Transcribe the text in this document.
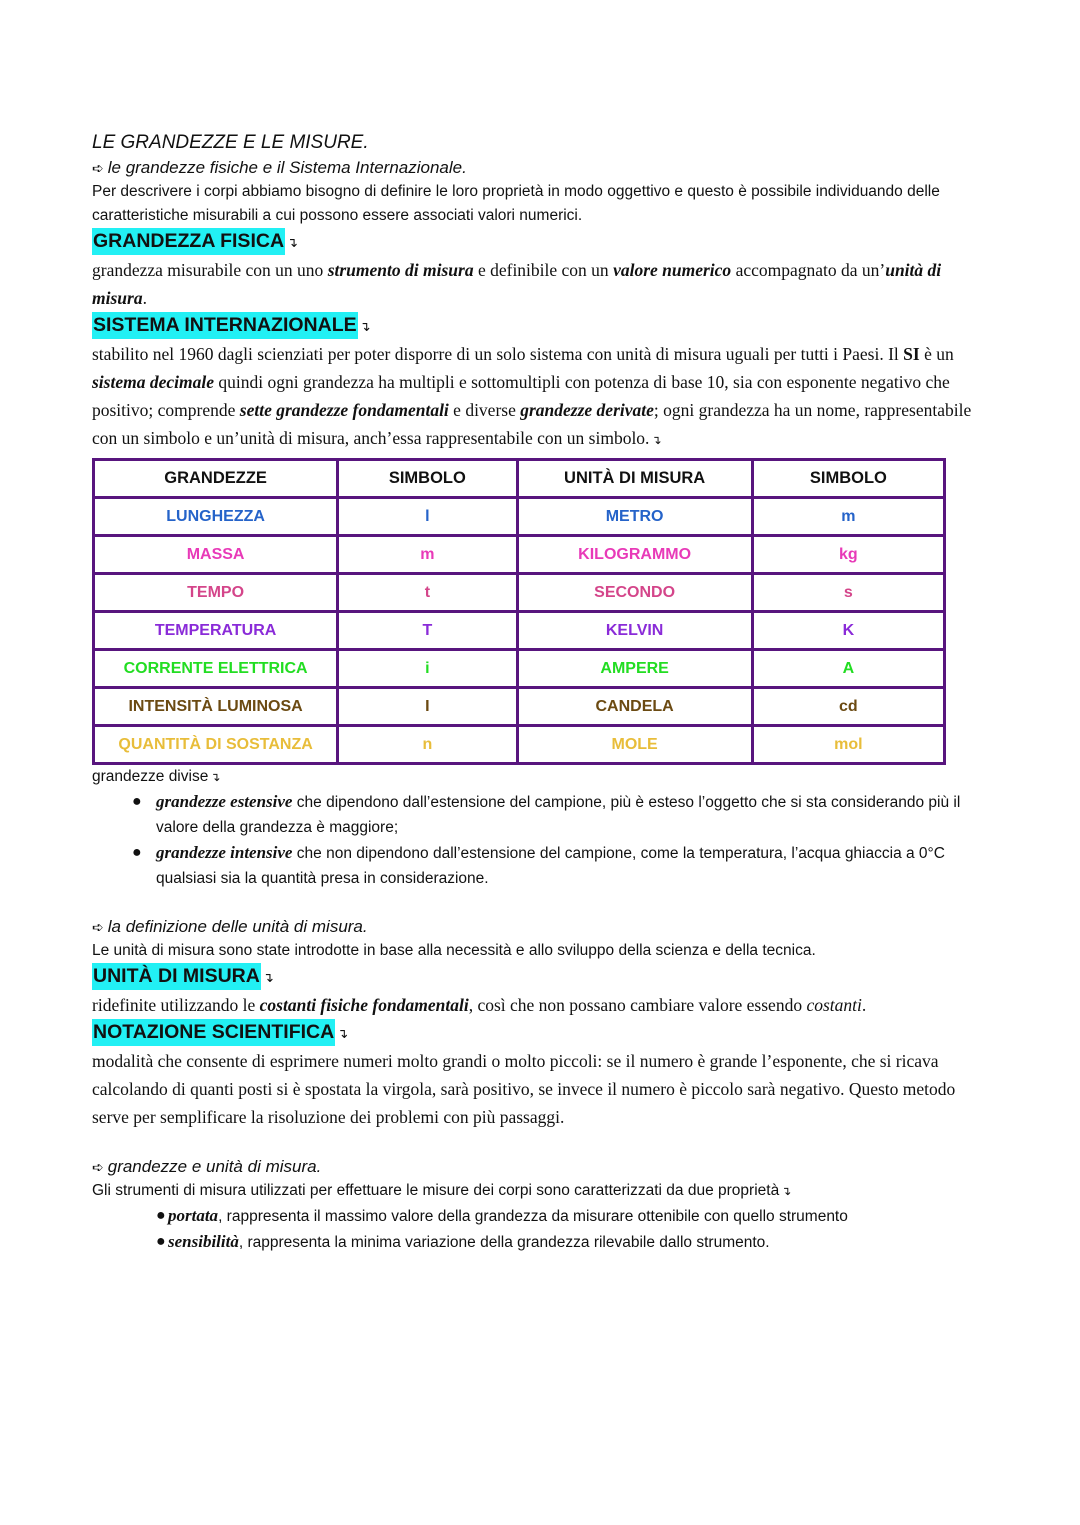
LE GRANDEZZE E LE MISURE.

➪ le grandezze fisiche e il Sistema Internazionale.

Per descrivere i corpi abbiamo bisogno di definire le loro proprietà in modo oggettivo e questo è possibile individuando delle caratteristiche misurabili a cui possono essere associati valori numerici.

GRANDEZZA FISICA ↴

grandezza misurabile con un uno strumento di misura e definibile con un valore numerico accompagnato da un’unità di misura.

SISTEMA INTERNAZIONALE ↴

stabilito nel 1960 dagli scienziati per poter disporre di un solo sistema con unità di misura uguali per tutti i Paesi. Il SI è un sistema decimale quindi ogni grandezza ha multipli e sottomultipli con potenza di base 10, sia con esponente negativo che positivo; comprende sette grandezze fondamentali e diverse grandezze derivate; ogni grandezza ha un nome, rappresentabile con un simbolo e un’unità di misura, anch’essa rappresentabile con un simbolo. ↴

GRANDEZZE	SIMBOLO	UNITÀ DI MISURA	SIMBOLO
LUNGHEZZA	l	METRO	m
MASSA	m	KILOGRAMMO	kg
TEMPO	t	SECONDO	s
TEMPERATURA	T	KELVIN	K
CORRENTE ELETTRICA	i	AMPERE	A
INTENSITÀ LUMINOSA	I	CANDELA	cd
QUANTITÀ DI SOSTANZA	n	MOLE	mol

grandezze divise ↴

● grandezze estensive che dipendono dall’estensione del campione, più è esteso l’oggetto che si sta considerando più il valore della grandezza è maggiore;
● grandezze intensive che non dipendono dall’estensione del campione, come la temperatura, l’acqua ghiaccia a 0°C qualsiasi sia la quantità presa in considerazione.

➪ la definizione delle unità di misura.

Le unità di misura sono state introdotte in base alla necessità e allo sviluppo della scienza e della tecnica.

UNITÀ DI MISURA ↴

ridefinite utilizzando le costanti fisiche fondamentali, così che non possano cambiare valore essendo costanti.

NOTAZIONE SCIENTIFICA ↴

modalità che consente di esprimere numeri molto grandi o molto piccoli: se il numero è grande l’esponente, che si ricava calcolando di quanti posti si è spostata la virgola, sarà positivo, se invece il numero è piccolo sarà negativo. Questo metodo serve per semplificare la risoluzione dei problemi con più passaggi.

➪ grandezze e unità di misura.

Gli strumenti di misura utilizzati per effettuare le misure dei corpi sono caratterizzati da due proprietà ↴

● portata, rappresenta il massimo valore della grandezza da misurare ottenibile con quello strumento
● sensibilità, rappresenta la minima variazione della grandezza rilevabile dallo strumento.
